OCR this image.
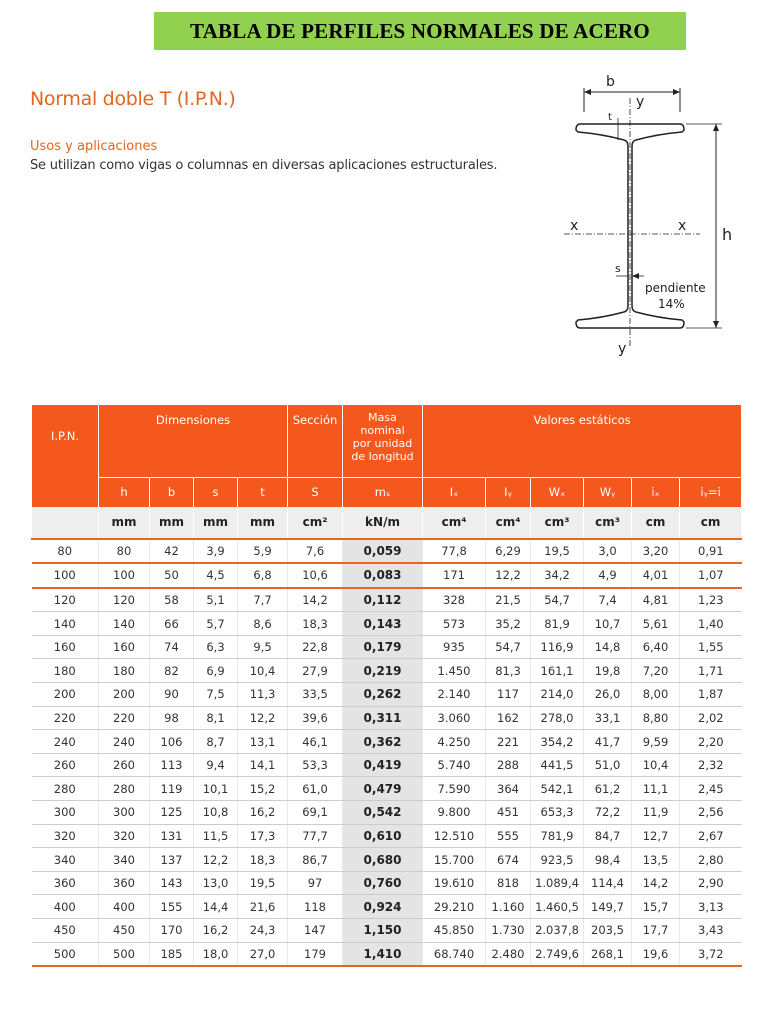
TABLA DE PERFILES NORMALES DE ACERO
Normal doble T (I.P.N.)
Usos y aplicaciones
Se utilizan como vigas o columnas en diversas aplicaciones estructurales.
b
y
y
t
x	x h
s
pendiente
14%
I.P.N.	Dimensiones				Sección	Masa
nominal
por unidad
de longitud	Valores estáticos					
	h	b	s	t	S	mₛ	Iₓ	Iᵧ	Wₓ	Wᵧ	iₓ	iᵧ=i
	mm	mm	mm	mm	cm²	kN/m	cm⁴	cm⁴	cm³	cm³	cm	cm
80	80	42	3,9	5,9	7,6	0,059	77,8	6,29	19,5	3,0	3,20	0,91
100	100	50	4,5	6,8	10,6	0,083	171	12,2	34,2	4,9	4,01	1,07
120	120	58	5,1	7,7	14,2	0,112	328	21,5	54,7	7,4	4,81	1,23
140	140	66	5,7	8,6	18,3	0,143	573	35,2	81,9	10,7	5,61	1,40
160	160	74	6,3	9,5	22,8	0,179	935	54,7	116,9	14,8	6,40	1,55
180	180	82	6,9	10,4	27,9	0,219	1.450	81,3	161,1	19,8	7,20	1,71
200	200	90	7,5	11,3	33,5	0,262	2.140	117	214,0	26,0	8,00	1,87
220	220	98	8,1	12,2	39,6	0,311	3.060	162	278,0	33,1	8,80	2,02
240	240	106	8,7	13,1	46,1	0,362	4.250	221	354,2	41,7	9,59	2,20
260	260	113	9,4	14,1	53,3	0,419	5.740	288	441,5	51,0	10,4	2,32
280	280	119	10,1	15,2	61,0	0,479	7.590	364	542,1	61,2	11,1	2,45
300	300	125	10,8	16,2	69,1	0,542	9.800	451	653,3	72,2	11,9	2,56
320	320	131	11,5	17,3	77,7	0,610	12.510	555	781,9	84,7	12,7	2,67
340	340	137	12,2	18,3	86,7	0,680	15.700	674	923,5	98,4	13,5	2,80
360	360	143	13,0	19,5	97	0,760	19.610	818	1.089,4	114,4	14,2	2,90
400	400	155	14,4	21,6	118	0,924	29.210	1.160	1.460,5	149,7	15,7	3,13
450	450	170	16,2	24,3	147	1,150	45.850	1.730	2.037,8	203,5	17,7	3,43
500	500	185	18,0	27,0	179	1,410	68.740	2.480	2.749,6	268,1	19,6	3,72
